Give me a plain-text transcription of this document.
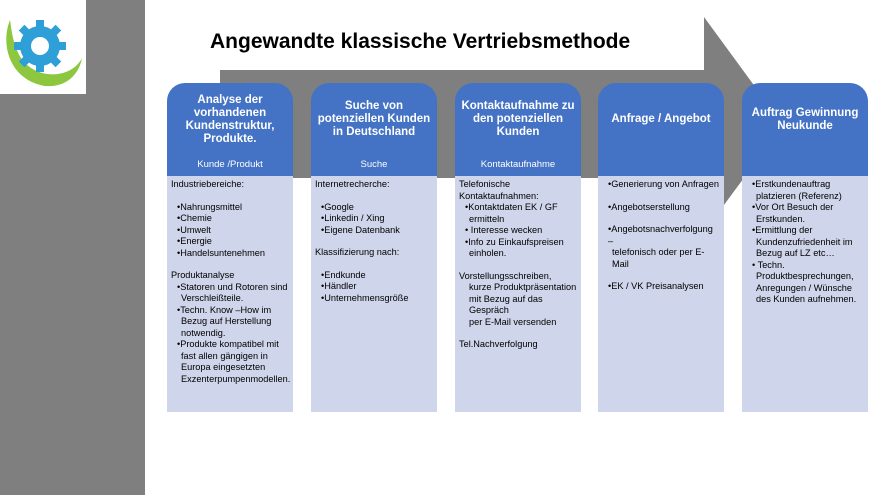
Angewandte klassische Vertriebsmethode
Analyse der vorhandenen Kundenstruktur, Produkte.
Kunde /Produkt

Industriebereiche:

•Nahrungsmittel

•Chemie

•Umwelt

•Energie

•Handelsuntenehmen

Produktanalyse

•Statoren und Rotoren sind

Verschleißteile.

•Techn. Know –How im

Bezug auf Herstellung

notwendig.

•Produkte kompatibel mit

fast allen gängigen in

Europa eingesetzten

Exzenterpumpenmodellen.

Suche von potenziellen Kunden in Deutschland
Suche

Internetrecherche:

•Google

•Linkedin / Xing

•Eigene Datenbank

Klassifizierung nach:

•Endkunde

•Händler

•Unternehmensgröße

Kontaktaufnahme zu den potenziellen Kunden
Kontaktaufnahme

Telefonische

Kontaktaufnahmen:

•Kontaktdaten EK / GF

ermitteln

• Interesse wecken

•Info zu Einkaufspreisen

einholen.

Vorstellungsschreiben,

kurze Produktpräsentation

mit Bezug auf das

Gespräch

per E-Mail versenden

Tel.Nachverfolgung

Anfrage / Angebot

•Generierung von Anfragen

•Angebotserstellung

•Angebotsnachverfolgung –

telefonisch oder per E-Mail

•EK / VK Preisanalysen

Auftrag Gewinnung Neukunde

•Erstkundenauftrag

platzieren (Referenz)

•Vor Ort Besuch der

Erstkunden.

•Ermittlung der

Kundenzufriedenheit im

Bezug auf LZ etc…

• Techn.

Produktbesprechungen,

Anregungen / Wünsche

des Kunden aufnehmen.
